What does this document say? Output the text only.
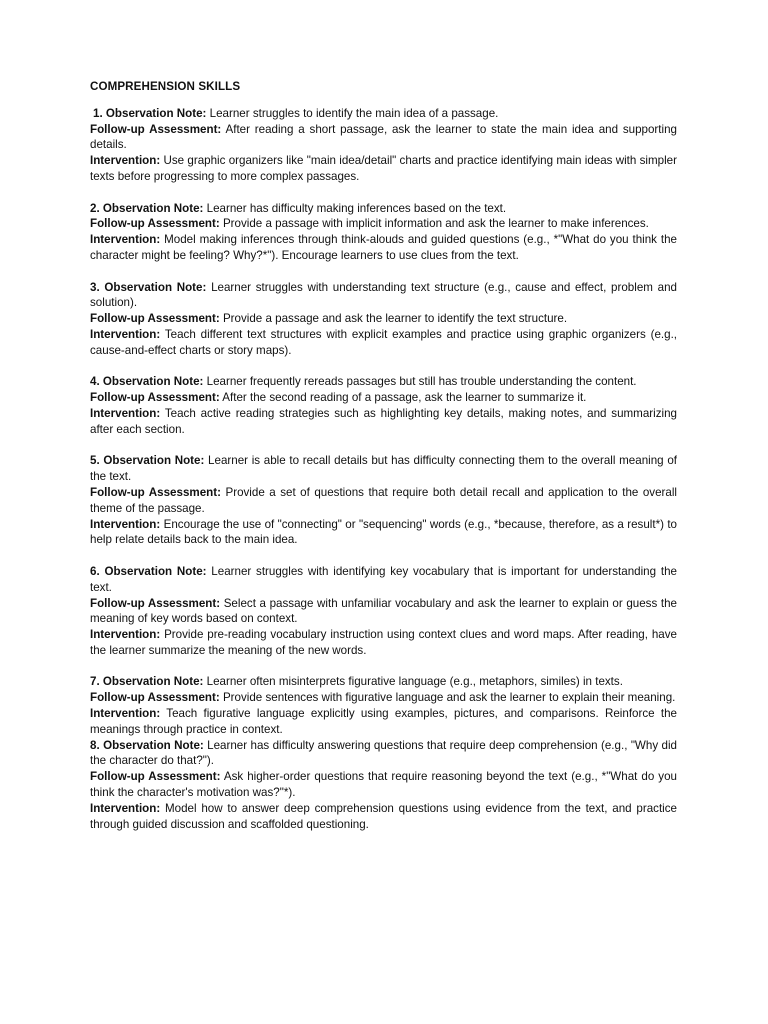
COMPREHENSION SKILLS

1. Observation Note: Learner struggles to identify the main idea of a passage.

Follow-up Assessment: After reading a short passage, ask the learner to state the main idea and supporting details.

Intervention: Use graphic organizers like "main idea/detail" charts and practice identifying main ideas with simpler texts before progressing to more complex passages.

2. Observation Note: Learner has difficulty making inferences based on the text.

Follow-up Assessment: Provide a passage with implicit information and ask the learner to make inferences.

Intervention: Model making inferences through think-alouds and guided questions (e.g., *"What do you think the character might be feeling? Why?*"). Encourage learners to use clues from the text.

3. Observation Note: Learner struggles with understanding text structure (e.g., cause and effect, problem and solution).

Follow-up Assessment: Provide a passage and ask the learner to identify the text structure.

Intervention: Teach different text structures with explicit examples and practice using graphic organizers (e.g., cause-and-effect charts or story maps).

4. Observation Note: Learner frequently rereads passages but still has trouble understanding the content.

Follow-up Assessment: After the second reading of a passage, ask the learner to summarize it.

Intervention: Teach active reading strategies such as highlighting key details, making notes, and summarizing after each section.

5. Observation Note: Learner is able to recall details but has difficulty connecting them to the overall meaning of the text.

Follow-up Assessment: Provide a set of questions that require both detail recall and application to the overall theme of the passage.

Intervention: Encourage the use of "connecting" or "sequencing" words (e.g., *because, therefore, as a result*) to help relate details back to the main idea.

6. Observation Note: Learner struggles with identifying key vocabulary that is important for understanding the text.

Follow-up Assessment: Select a passage with unfamiliar vocabulary and ask the learner to explain or guess the meaning of key words based on context.

Intervention: Provide pre-reading vocabulary instruction using context clues and word maps. After reading, have the learner summarize the meaning of the new words.

7. Observation Note: Learner often misinterprets figurative language (e.g., metaphors, similes) in texts.

Follow-up Assessment: Provide sentences with figurative language and ask the learner to explain their meaning.

Intervention: Teach figurative language explicitly using examples, pictures, and comparisons. Reinforce the meanings through practice in context.

8. Observation Note: Learner has difficulty answering questions that require deep comprehension (e.g., "Why did the character do that?").

Follow-up Assessment: Ask higher-order questions that require reasoning beyond the text (e.g., *"What do you think the character's motivation was?"*).

Intervention: Model how to answer deep comprehension questions using evidence from the text, and practice through guided discussion and scaffolded questioning.
